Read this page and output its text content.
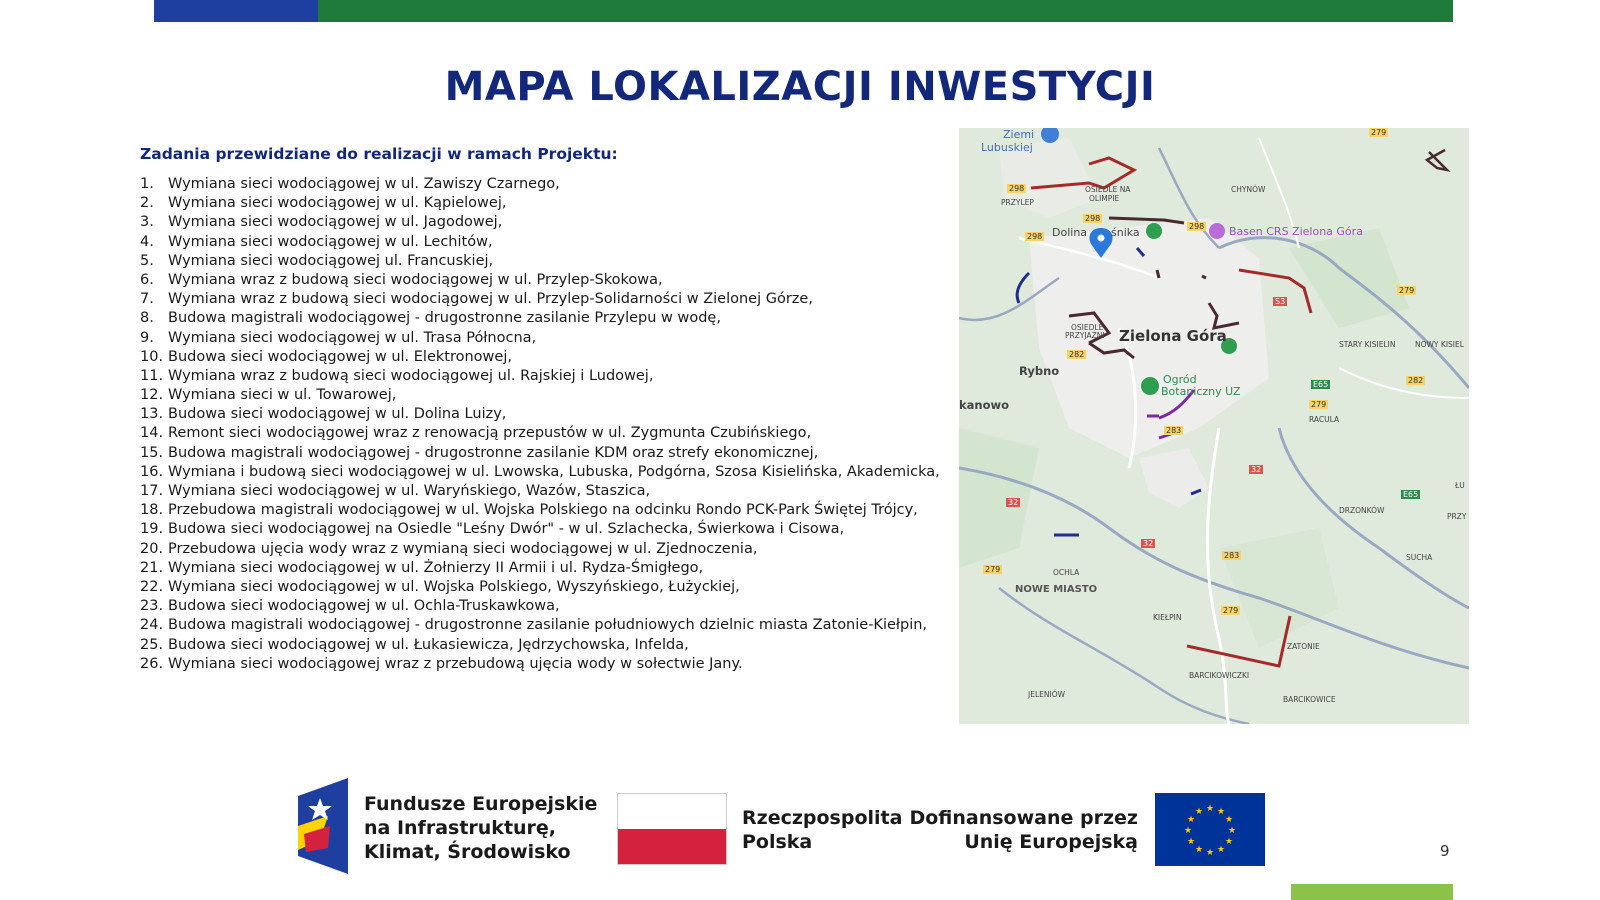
MAPA LOKALIZACJI INWESTYCJI
Zadania przewidziane do realizacji w ramach Projektu:
1. Wymiana sieci wodociągowej w ul. Zawiszy Czarnego,
2. Wymiana sieci wodociągowej w ul. Kąpielowej,
3. Wymiana sieci wodociągowej w ul. Jagodowej,
4. Wymiana sieci wodociągowej w ul. Lechitów,
5. Wymiana sieci wodociągowej ul. Francuskiej,
6. Wymiana wraz z budową sieci wodociągowej w ul. Przylep-Skokowa,
7. Wymiana wraz z budową sieci wodociągowej w ul. Przylep-Solidarności w Zielonej Górze,
8. Budowa magistrali wodociągowej - drugostronne zasilanie Przylepu w wodę,
9. Wymiana sieci wodociągowej w ul. Trasa Północna,
10. Budowa sieci wodociągowej w ul. Elektronowej,
11. Wymiana wraz z budową sieci wodociągowej ul. Rajskiej i Ludowej,
12. Wymiana sieci w ul. Towarowej,
13. Budowa sieci wodociągowej w ul. Dolina Luizy,
14. Remont sieci wodociągowej wraz z renowacją przepustów w ul. Zygmunta Czubińskiego,
15. Budowa magistrali wodociągowej - drugostronne zasilanie KDM oraz strefy ekonomicznej,
16. Wymiana i budową sieci wodociągowej w ul. Lwowska, Lubuska, Podgórna, Szosa Kisielińska, Akademicka,
17. Wymiana sieci wodociągowej w ul. Waryńskiego, Wazów, Staszica,
18. Przebudowa magistrali wodociągowej w ul. Wojska Polskiego na odcinku Rondo PCK-Park Świętej Trójcy,
19. Budowa sieci wodociągowej na Osiedle "Leśny Dwór" - w ul. Szlachecka, Świerkowa i Cisowa,
20. Przebudowa ujęcia wody wraz z wymianą sieci wodociągowej w ul. Zjednoczenia,
21. Wymiana sieci wodociągowej w ul. Żołnierzy II Armii i ul. Rydza-Śmigłego,
22. Wymiana sieci wodociągowej w ul. Wojska Polskiego, Wyszyńskiego, Łużyckiej,
23. Budowa sieci wodociągowej w ul. Ochla-Truskawkowa,
24. Budowa magistrali wodociągowej - drugostronne zasilanie południowych dzielnic miasta Zatonie-Kiełpin,
25. Budowa sieci wodociągowej w ul. Łukasiewicza, Jędrzychowska, Infelda,
26. Wymiana sieci wodociągowej wraz z przebudową ujęcia wody w sołectwie Jany.
279
298
298
298
298
S3
279
282
282
E65
279
283
32
32
E65
32
279
283
279
Ziemi
Lubuskiej
PRZYLEP
OSIEDLE NA
OLIMPIE
CHYNÓW
Dolina śnika	Basen CRS Zielona Góra
Zielona Góra
OSIEDLE
PRZYJAŹNI
Rybno
kanowo
Ogród
Botaniczny UZ
STARY KISIELIN	NOWY KISIEL
RACULA
DRZONKÓW
SUCHA
OCHLA
NOWE MIASTO
KIEŁPIN
ZATONIE
BARCIKOWICZKI
JELENIÓW
BARCIKOWICE
PRZY
ŁU
Fundusze Europejskie
na Infrastrukturę,
Klimat, Środowisko
Rzeczpospolita
Polska
Dofinansowane przez
Unię Europejską
★ ★
★
★
★
★
★
★
★
★
★
★
9
